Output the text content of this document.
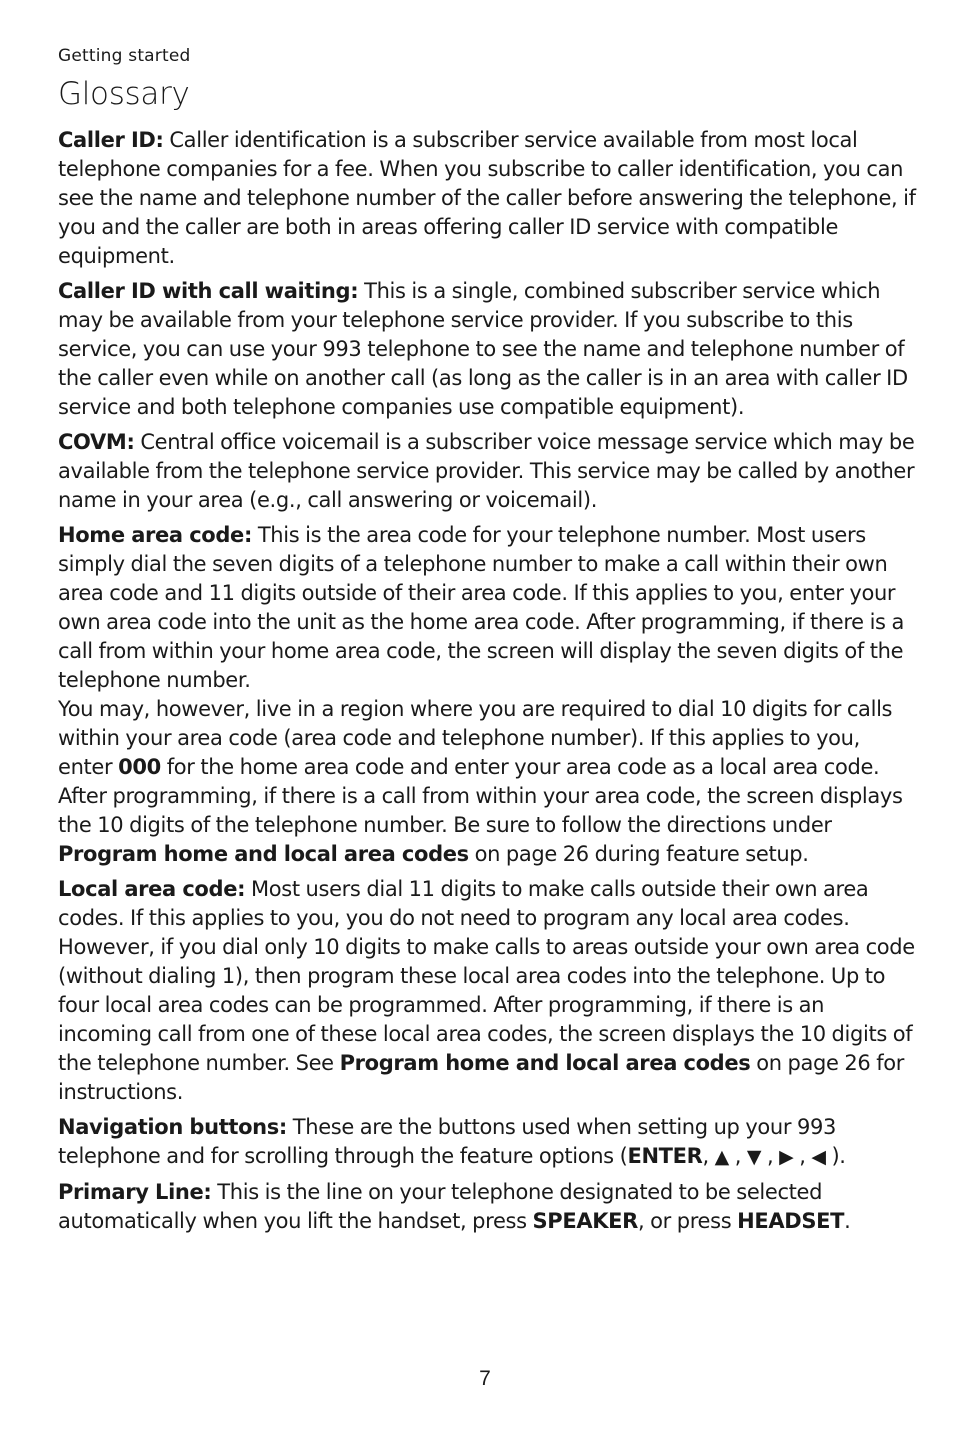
Getting started

Glossary

Caller ID: Caller identification is a subscriber service available from most local telephone companies for a fee. When you subscribe to caller identification, you can see the name and telephone number of the caller before answering the telephone, if you and the caller are both in areas offering caller ID service with compatible equipment.

Caller ID with call waiting: This is a single, combined subscriber service which may be available from your telephone service provider. If you subscribe to this service, you can use your 993 telephone to see the name and telephone number of the caller even while on another call (as long as the caller is in an area with caller ID service and both telephone companies use compatible equipment).

COVM: Central office voicemail is a subscriber voice message service which may be available from the telephone service provider. This service may be called by another name in your area (e.g., call answering or voicemail).

Home area code: This is the area code for your telephone number. Most users simply dial the seven digits of a telephone number to make a call within their own area code and 11 digits outside of their area code. If this applies to you, enter your own area code into the unit as the home area code. After programming, if there is a call from within your home area code, the screen will display the seven digits of the telephone number.

You may, however, live in a region where you are required to dial 10 digits for calls within your area code (area code and telephone number). If this applies to you, enter 000 for the home area code and enter your area code as a local area code. After programming, if there is a call from within your area code, the screen displays the 10 digits of the telephone number. Be sure to follow the directions under Program home and local area codes on page 26 during feature setup.

Local area code: Most users dial 11 digits to make calls outside their own area codes. If this applies to you, you do not need to program any local area codes.

However, if you dial only 10 digits to make calls to areas outside your own area code (without dialing 1), then program these local area codes into the telephone. Up to four local area codes can be programmed. After programming, if there is an incoming call from one of these local area codes, the screen displays the 10 digits of the telephone number. See Program home and local area codes on page 26 for instructions.

Navigation buttons: These are the buttons used when setting up your 993 telephone and for scrolling through the feature options (ENTER, ▲ , ▼ , ▶ , ◀ ).

Primary Line: This is the line on your telephone designated to be selected automatically when you lift the handset, press SPEAKER, or press HEADSET.

7
